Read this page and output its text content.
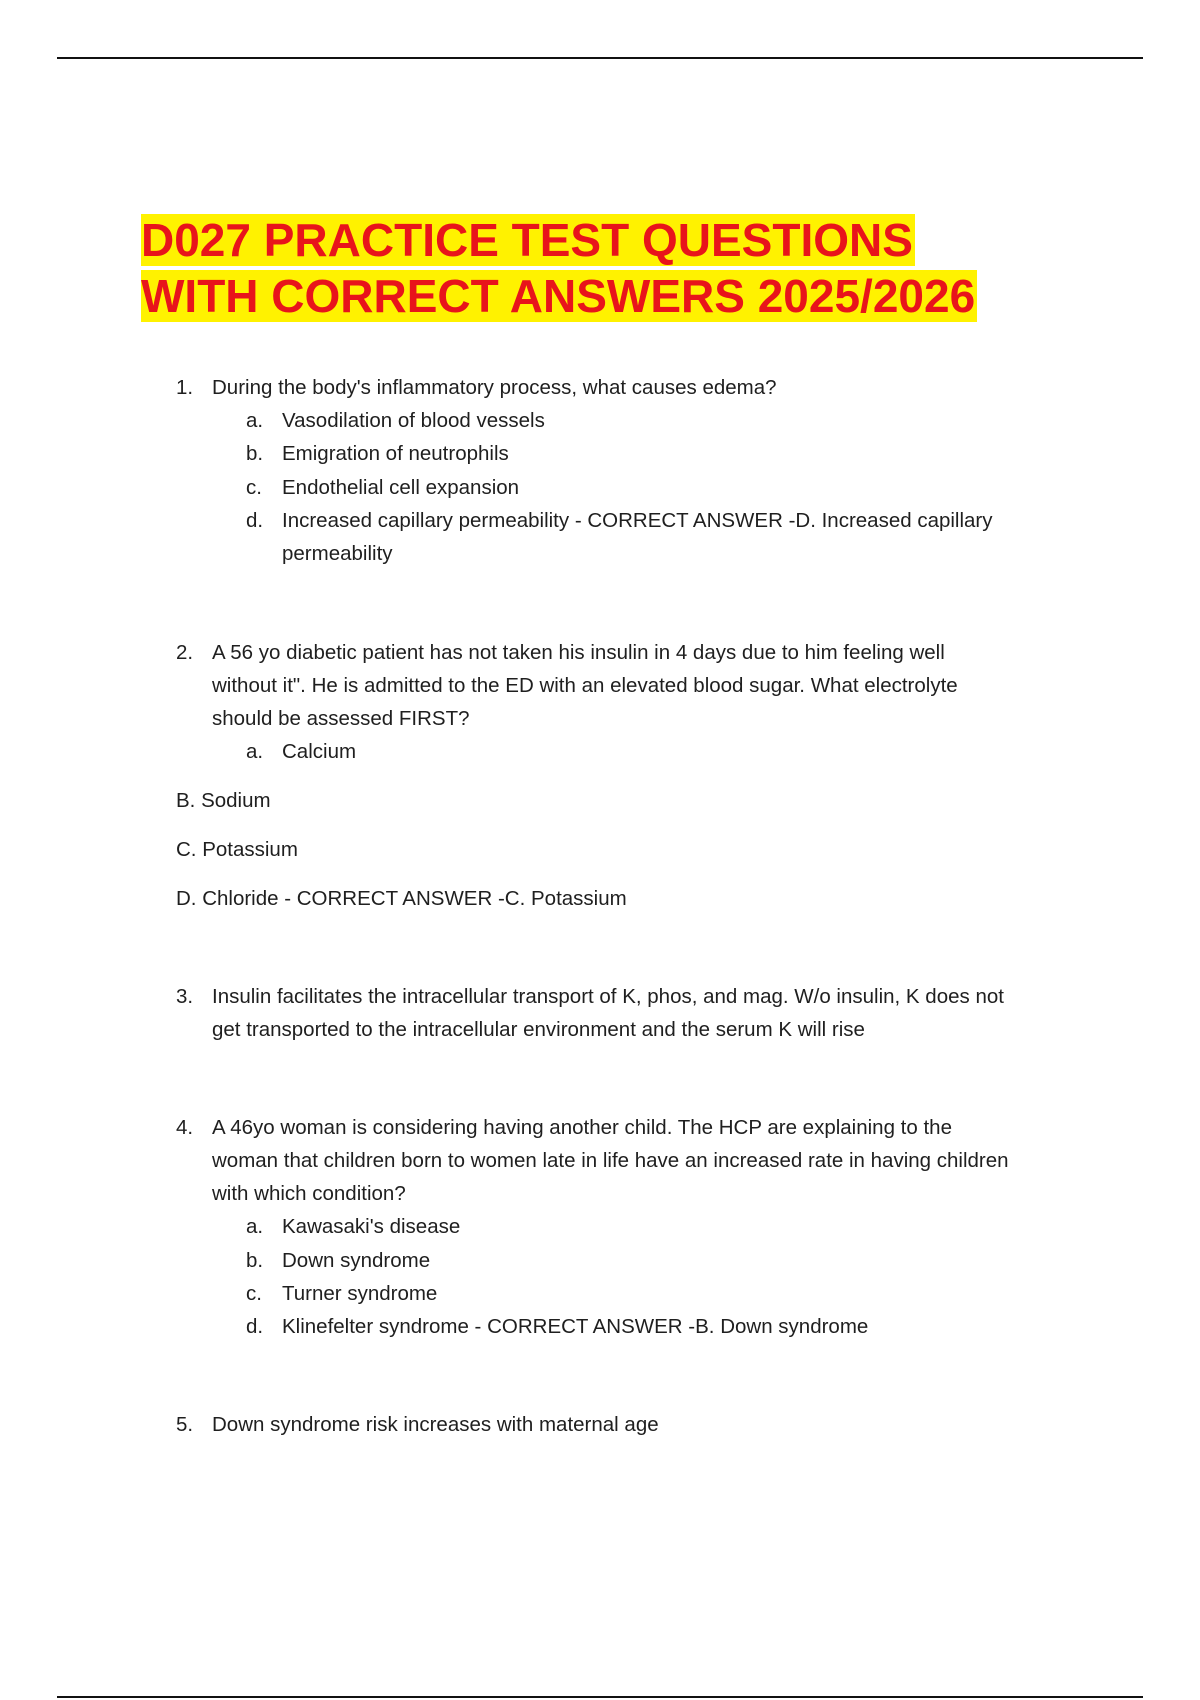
D027 PRACTICE TEST QUESTIONS
WITH CORRECT ANSWERS 2025/2026
1. During the body's inflammatory process, what causes edema?
a. Vasodilation of blood vessels
b. Emigration of neutrophils
c. Endothelial cell expansion
d. Increased capillary permeability - CORRECT ANSWER -D. Increased capillary
permeability
2. A 56 yo diabetic patient has not taken his insulin in 4 days due to him feeling well
without it". He is admitted to the ED with an elevated blood sugar. What electrolyte
should be assessed FIRST?
a. Calcium
B. Sodium
C. Potassium
D. Chloride - CORRECT ANSWER -C. Potassium
3. Insulin facilitates the intracellular transport of K, phos, and mag. W/o insulin, K does not
get transported to the intracellular environment and the serum K will rise
4. A 46yo woman is considering having another child. The HCP are explaining to the
woman that children born to women late in life have an increased rate in having children
with which condition?
a. Kawasaki's disease
b. Down syndrome
c. Turner syndrome
d. Klinefelter syndrome - CORRECT ANSWER -B. Down syndrome
5. Down syndrome risk increases with maternal age
